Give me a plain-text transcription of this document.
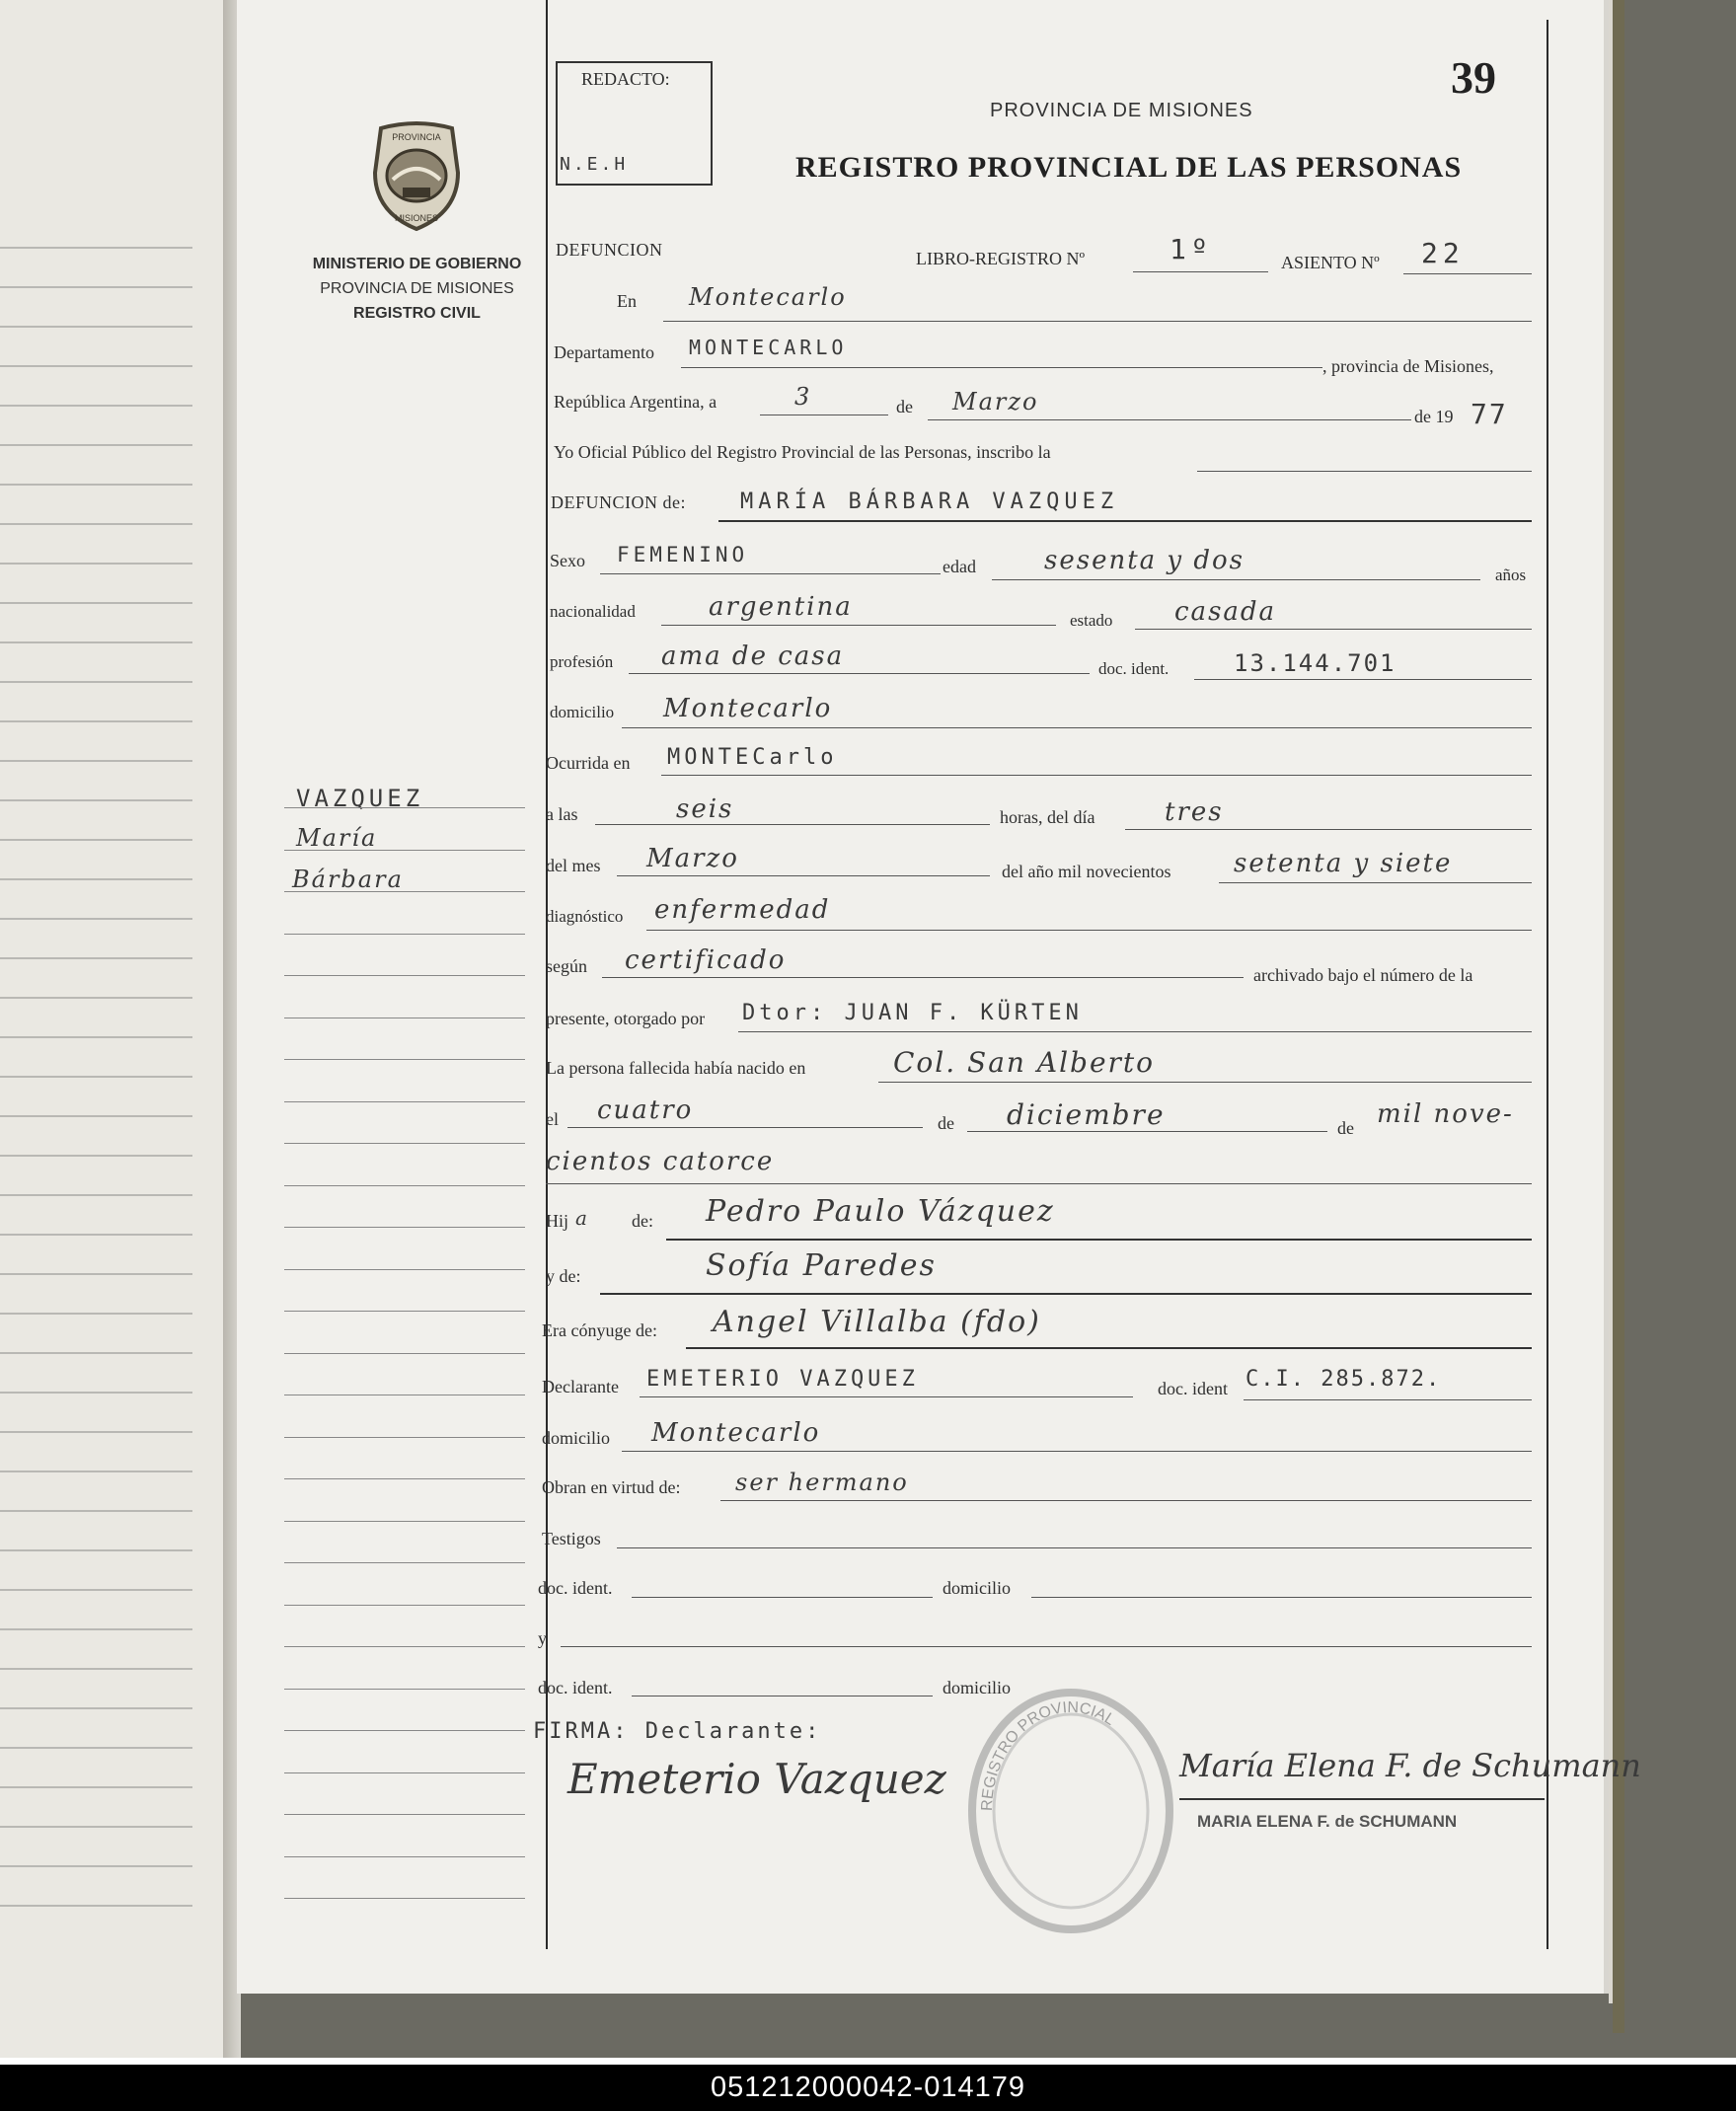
REDACTO:
N.E.H
39
PROVINCIA DE MISIONES
REGISTRO PROVINCIAL DE LAS PERSONAS
PROVINCIA
MISIONES
MINISTERIO DE GOBIERNO
PROVINCIA DE MISIONES
REGISTRO CIVIL
VAZQUEZ
María
Bárbara
DEFUNCION	LIBRO-REGISTRO Nº	1º	ASIENTO Nº 22
En Montecarlo
Departamento MONTECARLO
, provincia de Misiones,
República Argentina, a	3	de Marzo
de 19 77
Yo Oficial Público del Registro Provincial de las Personas, inscribo la
DEFUNCION de:	MARÍA BÁRBARA VAZQUEZ
Sexo FEMENINO	edad	sesenta y dos	años
nacionalidad	argentina	estado casada
profesión ama de casa	doc. ident.	13.144.701
domicilio Montecarlo
Ocurrida en MONTECarlo
a las	seis	horas, del día	tres
del mes Marzo	del año mil novecientos setenta y siete
diagnóstico enfermedad
según certificado	archivado bajo el número de la
presente, otorgado por Dtor: JUAN F. KÜRTEN
La persona fallecida había nacido en	Col. San Alberto
el cuatro	de diciembre	de mil nove-
cientos catorce
Hij a de: Pedro Paulo Vázquez
y de:	Sofía Paredes
Era cónyuge de: Angel Villalba (fdo)
Declarante EMETERIO VAZQUEZ	doc. ident C.I. 285.872.
domicilio Montecarlo
Obran en virtud de: ser hermano
Testigos
doc. ident.	domicilio
y
doc. ident.	domicilio
REGISTRO PROVINCIAL
FIRMA: Declarante:
Emeterio Vazquez	María Elena F. de Schumann
MARIA ELENA F. de SCHUMANN
051212000042-014179
